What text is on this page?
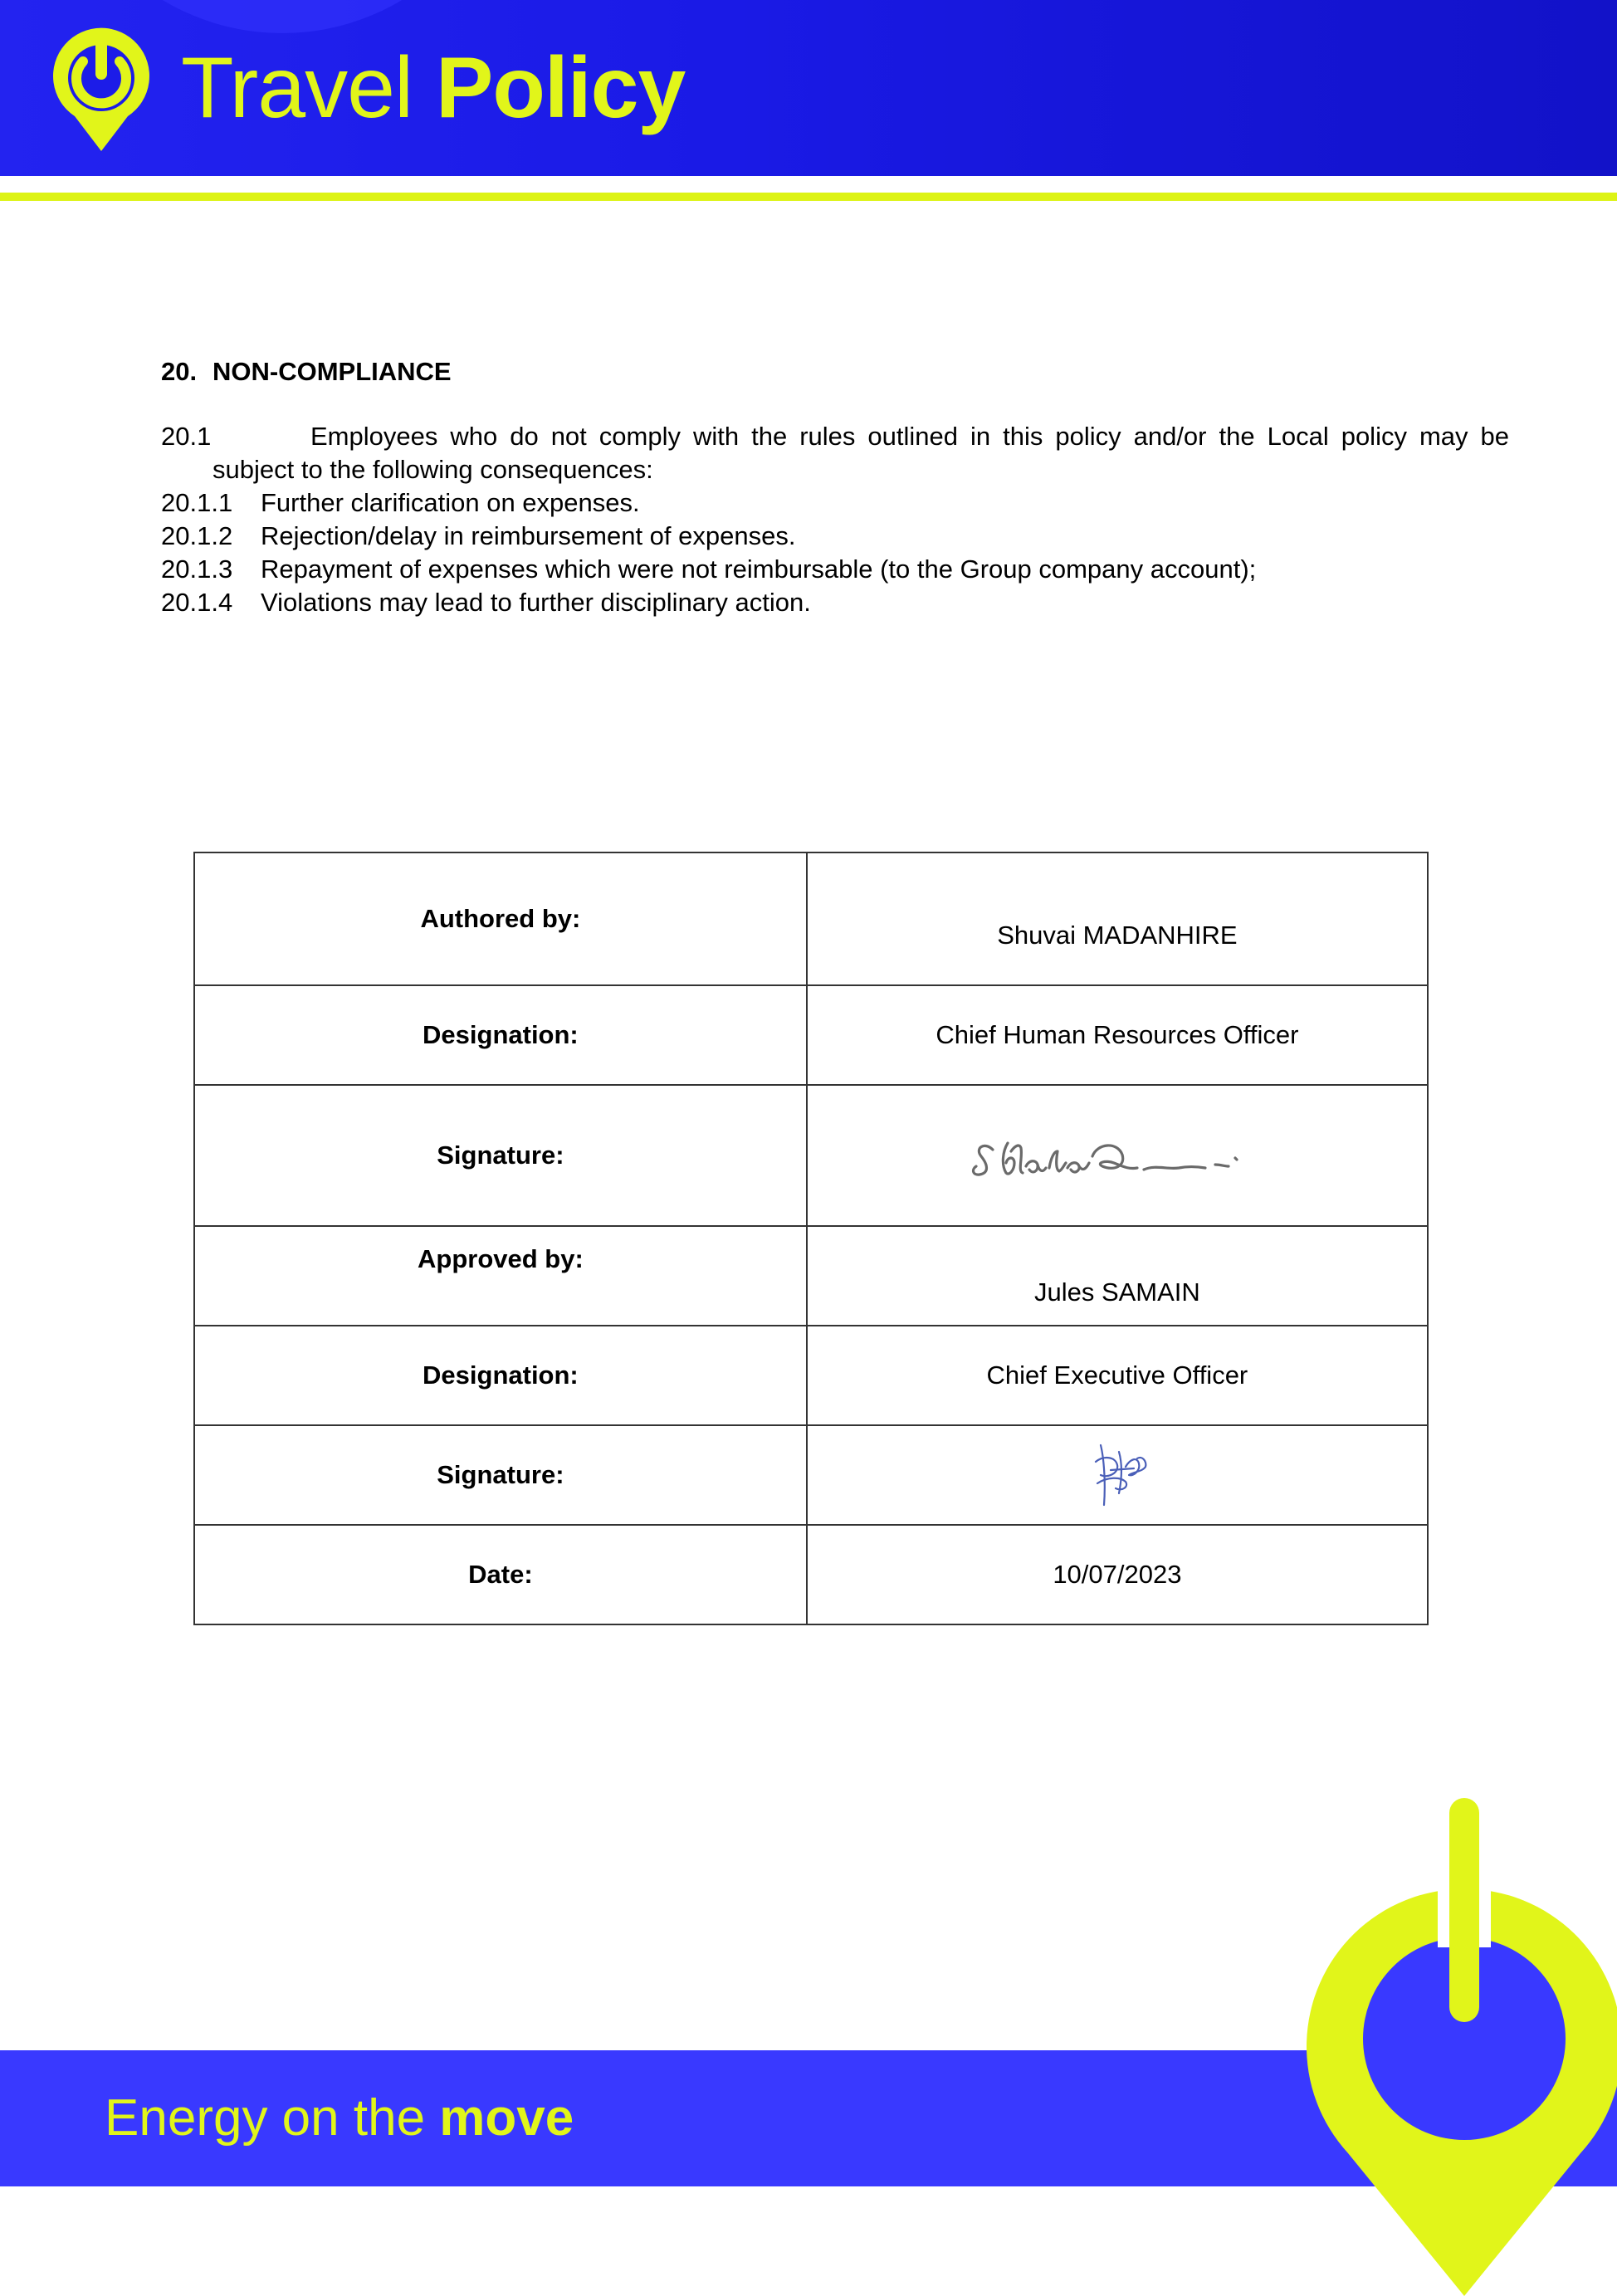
Travel Policy
20. NON-COMPLIANCE
20.1	Employees who do not comply with the rules outlined in this policy and/or the Local policy may be
subject to the following consequences:
20.1.1	Further clarification on expenses.
20.1.2	Rejection/delay in reimbursement of expenses.
20.1.3	Repayment of expenses which were not reimbursable (to the Group company account);
20.1.4	Violations may lead to further disciplinary action.
Authored by:	Shuvai MADANHIRE
Designation:	Chief Human Resources Officer
Signature:	

Approved by:	Jules SAMAIN
Designation:	Chief Executive Officer
Signature:	

Date:	10/07/2023
Energy on the move
